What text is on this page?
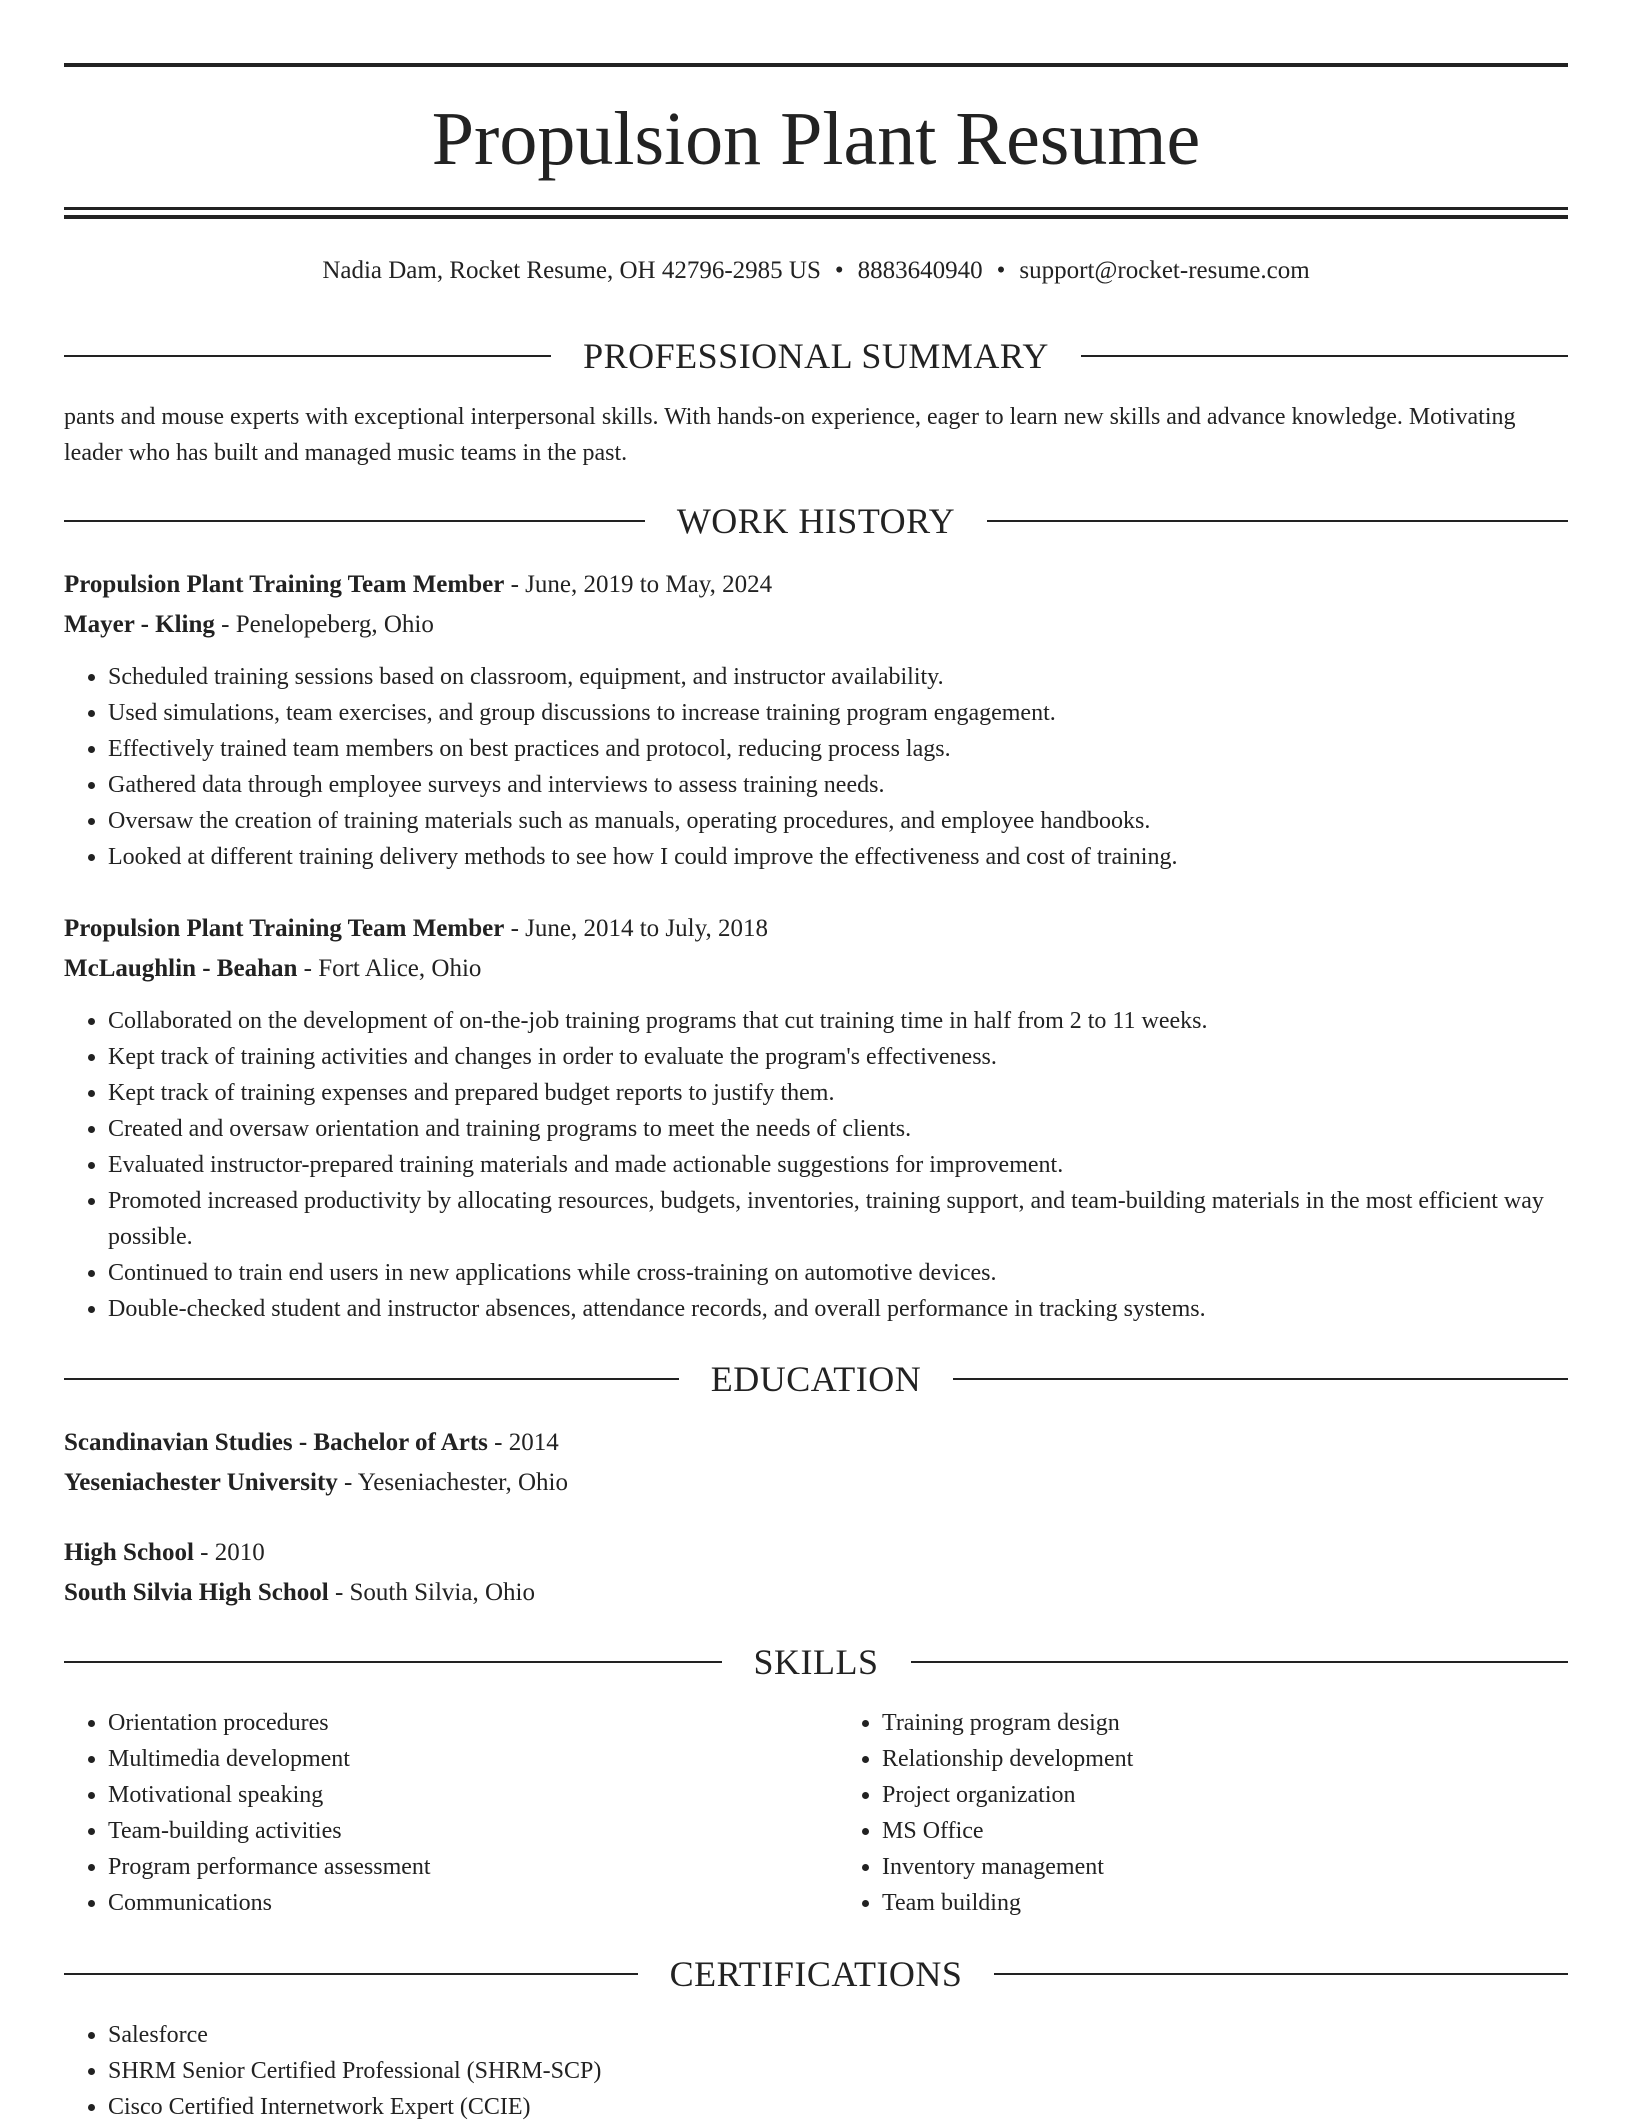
Propulsion Plant Resume
Nadia Dam, Rocket Resume, OH 42796-2985 US • 8883640940 • support@rocket-resume.com
PROFESSIONAL SUMMARY
pants and mouse experts with exceptional interpersonal skills. With hands-on experience, eager to learn new skills and advance knowledge. Motivating leader who has built and managed music teams in the past.
WORK HISTORY
Propulsion Plant Training Team Member - June, 2019 to May, 2024
Mayer - Kling - Penelopeberg, Ohio
• Scheduled training sessions based on classroom, equipment, and instructor availability.
• Used simulations, team exercises, and group discussions to increase training program engagement.
• Effectively trained team members on best practices and protocol, reducing process lags.
• Gathered data through employee surveys and interviews to assess training needs.
• Oversaw the creation of training materials such as manuals, operating procedures, and employee handbooks.
• Looked at different training delivery methods to see how I could improve the effectiveness and cost of training.
Propulsion Plant Training Team Member - June, 2014 to July, 2018
McLaughlin - Beahan - Fort Alice, Ohio
• Collaborated on the development of on-the-job training programs that cut training time in half from 2 to 11 weeks.
• Kept track of training activities and changes in order to evaluate the program's effectiveness.
• Kept track of training expenses and prepared budget reports to justify them.
• Created and oversaw orientation and training programs to meet the needs of clients.
• Evaluated instructor-prepared training materials and made actionable suggestions for improvement.
• Promoted increased productivity by allocating resources, budgets, inventories, training support, and team-building materials in the most efficient way possible.
• Continued to train end users in new applications while cross-training on automotive devices.
• Double-checked student and instructor absences, attendance records, and overall performance in tracking systems.
EDUCATION
Scandinavian Studies - Bachelor of Arts - 2014
Yeseniachester University - Yeseniachester, Ohio
High School - 2010
South Silvia High School - South Silvia, Ohio
SKILLS
• Orientation procedures
• Multimedia development
• Motivational speaking
• Team-building activities
• Program performance assessment
• Communications
• Training program design
• Relationship development
• Project organization
• MS Office
• Inventory management
• Team building
CERTIFICATIONS
• Salesforce
• SHRM Senior Certified Professional (SHRM-SCP)
• Cisco Certified Internetwork Expert (CCIE)
